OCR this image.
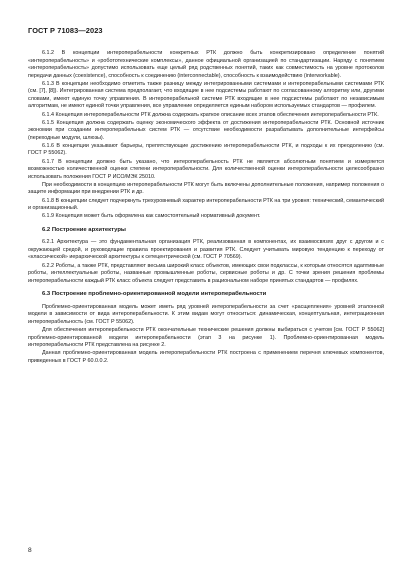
ГОСТ Р 71083—2023

6.1.2 В концепции интероперабельности конкретных РТК должно быть конкретизировано определение понятий «интероперабельность» и «робототехнические комплексы», данное официальной организацией по стандартизации. Наряду с понятием «интероперабельность» допустимо использовать еще целый ряд родственных понятий, таких как совместимость на уровне протоколов передачи данных (coexistence), способность к соединению (interconnectable), способность к взаимодействию (interworkable).

6.1.3 В концепции необходимо отметить также разницу между интегрированными системами и интероперабельными системами РТК (см. [7], [8]). Интегрированная система предполагает, что входящие в нее подсистемы работают по согласованному алгоритму или, другими словами, имеют единую точку управления. В интероперабельной системе РТК входящие в нее подсистемы работают по независимым алгоритмам, не имеют единой точки управления, все управление определяется единым набором используемых стандартов — профилем.

6.1.4 Концепция интероперабельности РТК должна содержать краткое описание всех этапов обеспечения интероперабельности РТК.

6.1.5 Концепция должна содержать оценку экономического эффекта от достижения интероперабельности РТК. Основной источник экономии при создании интероперабельных систем РТК — отсутствие необходимости разрабатывать дополнительные интерфейсы (переходные модули, шлюзы).

6.1.6 В концепции указывают барьеры, препятствующие достижению интероперабельности РТК, и подходы к их преодолению (см. ГОСТ Р 55062).

6.1.7 В концепции должно быть указано, что интероперабельность РТК не является абсолютным понятием и измеряется возможностью количественной оценки степени интероперабельности. Для количественной оценки интероперабельности целесообразно использовать положения ГОСТ Р ИСО/МЭК 25010.

При необходимости в концепцию интероперабельности РТК могут быть включены дополнительные положения, например положения о защите информации при внедрении РТК и др.

6.1.8 В концепции следует подчеркнуть трехуровневый характер интероперабельности РТК на три уровня: технический, семантический и организационный.

6.1.9 Концепция может быть оформлена как самостоятельный нормативный документ.

6.2 Построение архитектуры

6.2.1 Архитектура — это фундаментальная организация РТК, реализованная в компонентах, их взаимосвязях друг с другом и с окружающей средой, и руководящие правила проектирования и развития РТК. Следует учитывать мировую тенденцию к переходу от «классической» иерархической архитектуры к сетецентрической (см. ГОСТ Р 70569).

6.2.2 Роботы, а также РТК, представляют весьма широкий класс объектов, имеющих свои подклассы, к которым относятся адаптивные роботы, интеллектуальные роботы, названные промышленные роботы, сервисные роботы и др. С точки зрения решения проблемы интероперабельности каждый РТК класс объекта следует представить в рациональном наборе принятых стандартов — профилях.

6.3 Построение проблемно-ориентированной модели интероперабельности

Проблемно-ориентированная модель может иметь ряд уровней интероперабельности за счет «расщепления» уровней эталонной модели в зависимости от вида интероперабельности. К этим видам могут относиться: динамическая, концептуальная, интеграционная интероперабельность (см. ГОСТ Р 55062).

Для обеспечения интероперабельности РТК окончательные технические решения должны выбираться с учетом [см. ГОСТ Р 55062] проблемно-ориентированной модели интероперабельности (этап 3 на рисунке 1). Проблемно-ориентированная модель интероперабельности РТК представлена на рисунке 2.

Данная проблемно-ориентированная модель интероперабельности РТК построена с применением перечня ключевых компонентов, приведенных в ГОСТ Р 60.0.0.2.

8
